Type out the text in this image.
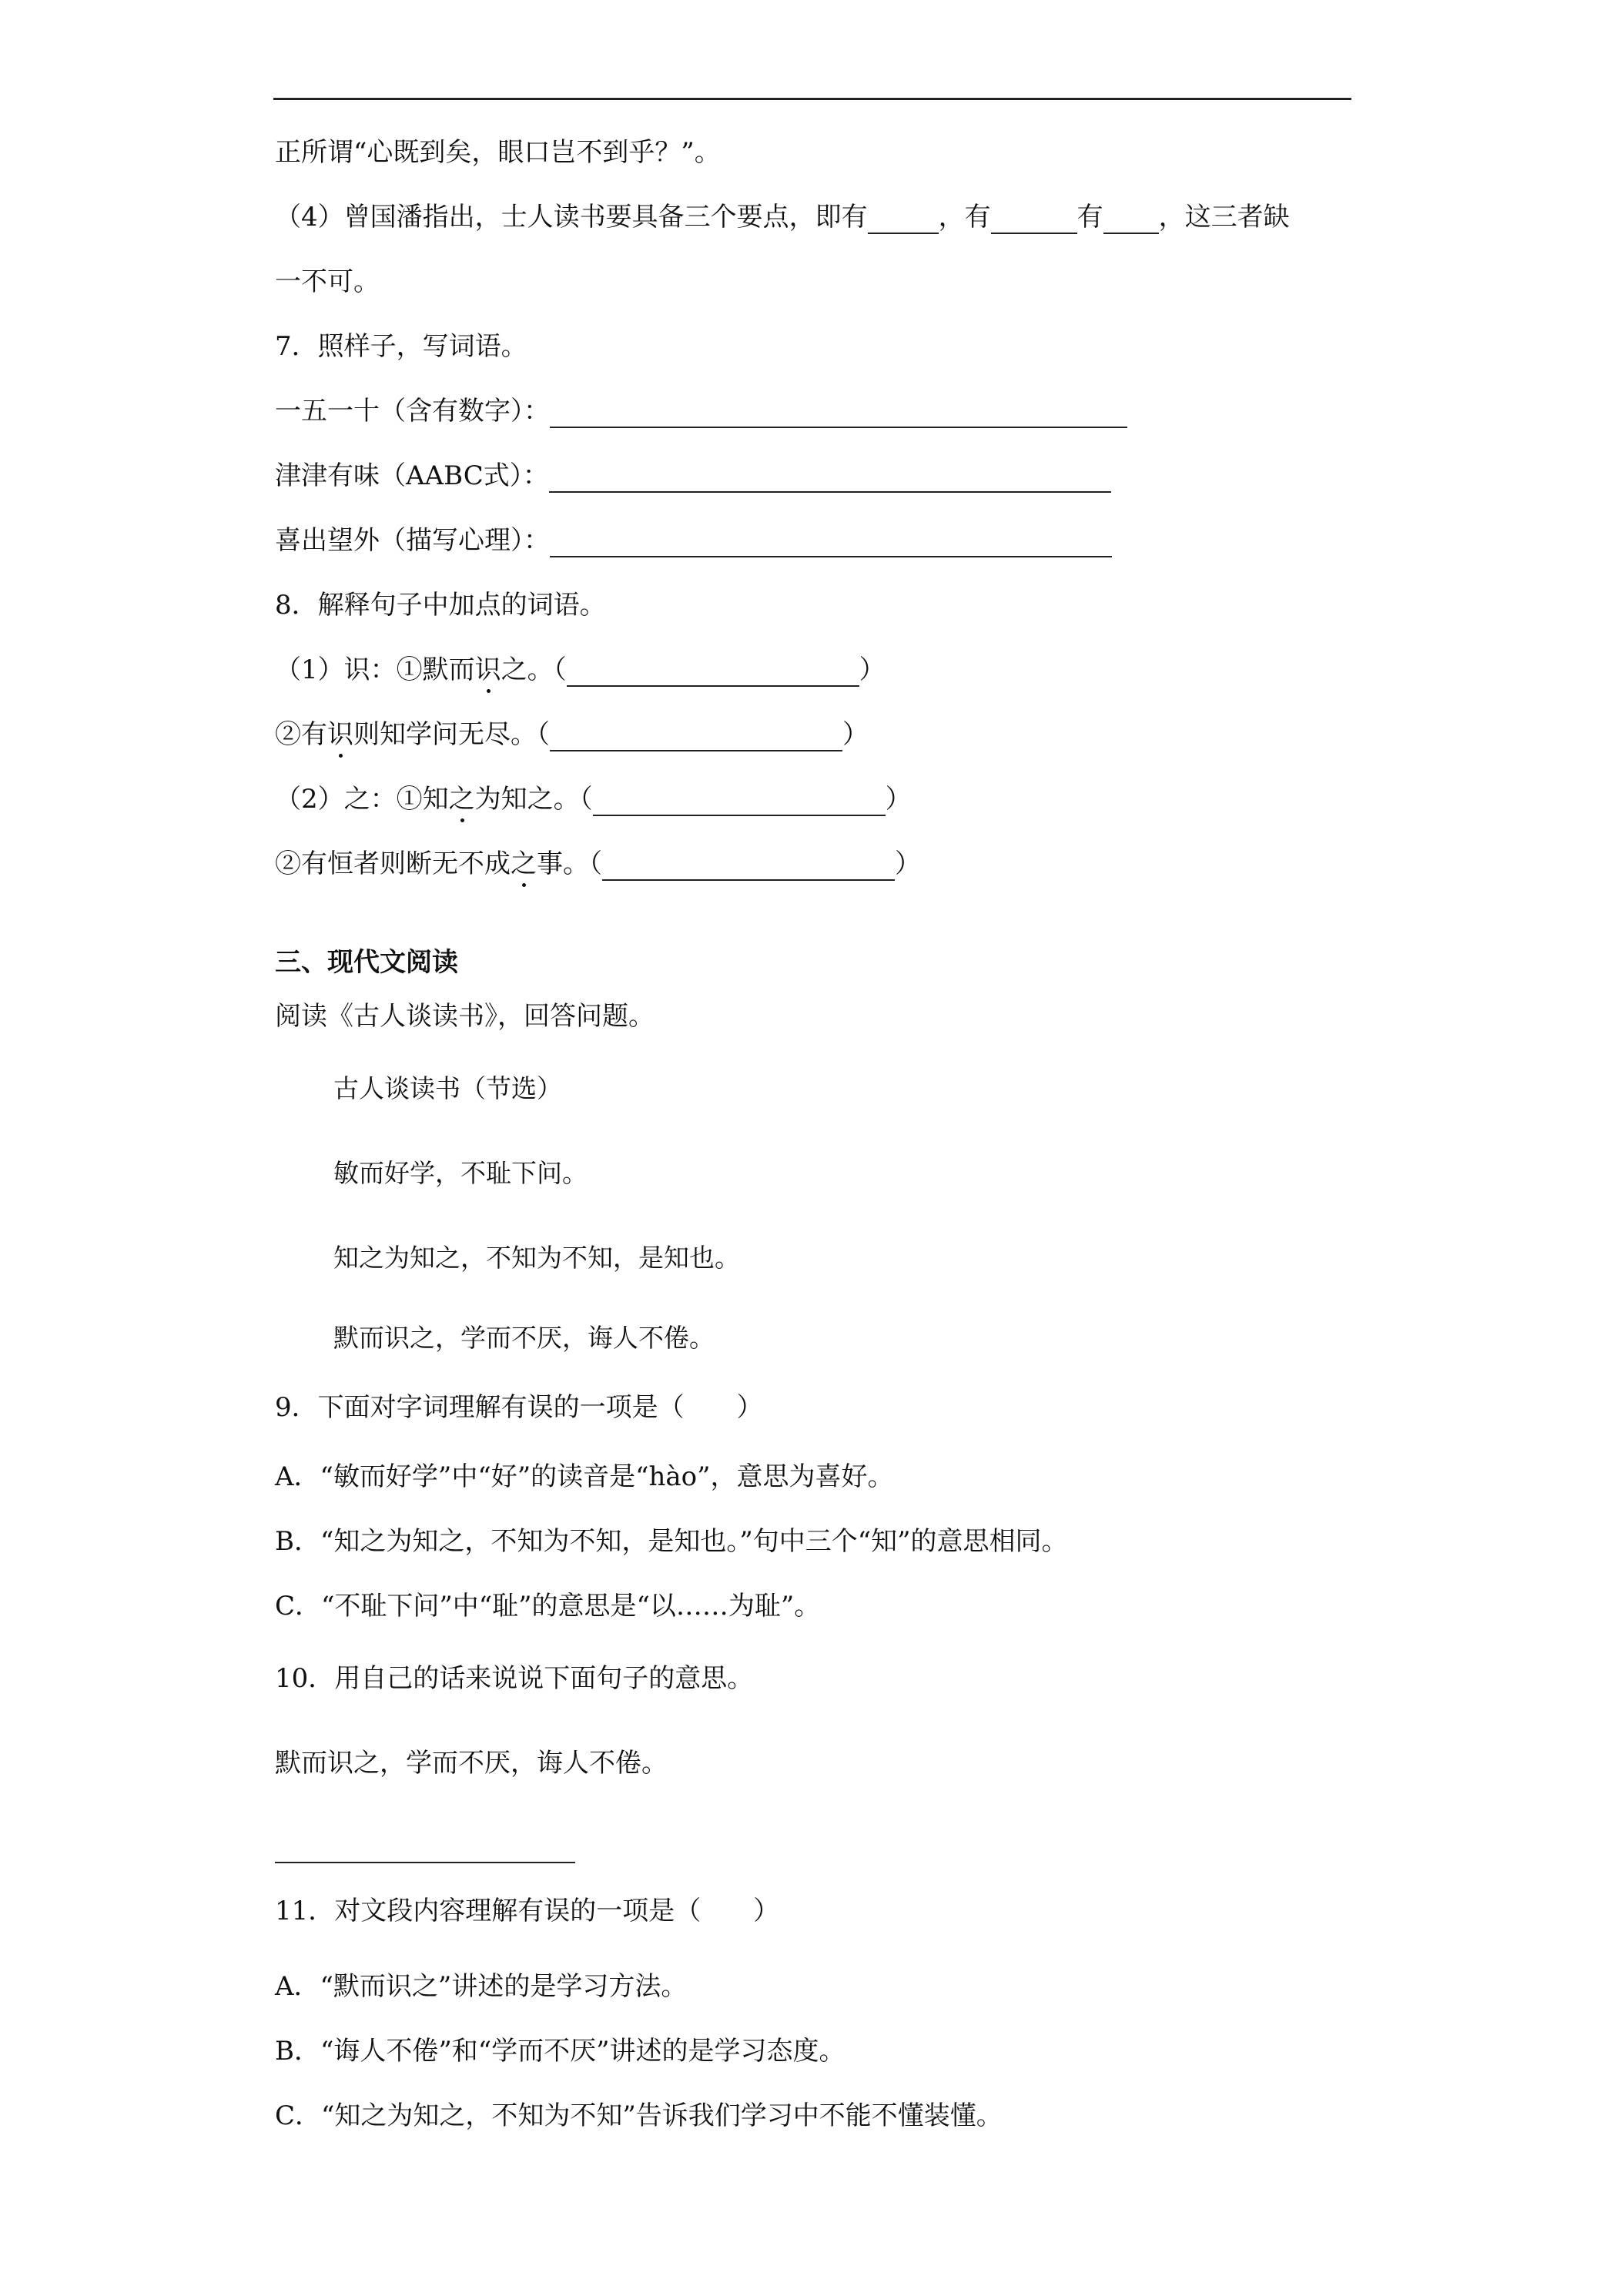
正所谓“心既到矣，眼口岂不到乎？”。
（4）曾国潘指出，士人读书要具备三个要点，即有	，有	有 ，这三者缺
一不可。
7．照样子，写词语。
一五一十（含有数字）：
津津有味（AABC式）：
喜出望外（描写心理）：
8．解释句子中加点的词语。
（1）识：①默而识之。（	）
②有识则知学问无尽。（	）
（2）之：①知之为知之。（	）
②有恒者则断无不成之事。（	）
三、现代文阅读
阅读《古人谈读书》，回答问题。
古人谈读书（节选）
敏而好学，不耻下问。
知之为知之，不知为不知，是知也。
默而识之，学而不厌，诲人不倦。
9．下面对字词理解有误的一项是（　　）
A．“敏而好学”中“好”的读音是“hào”，意思为喜好。
B．“知之为知之，不知为不知，是知也。”句中三个“知”的意思相同。
C．“不耻下问”中“耻”的意思是“以……为耻”。
10．用自己的话来说说下面句子的意思。
默而识之，学而不厌，诲人不倦。
11．对文段内容理解有误的一项是（　　）
A．“默而识之”讲述的是学习方法。
B．“诲人不倦”和“学而不厌”讲述的是学习态度。
C．“知之为知之，不知为不知”告诉我们学习中不能不懂装懂。
